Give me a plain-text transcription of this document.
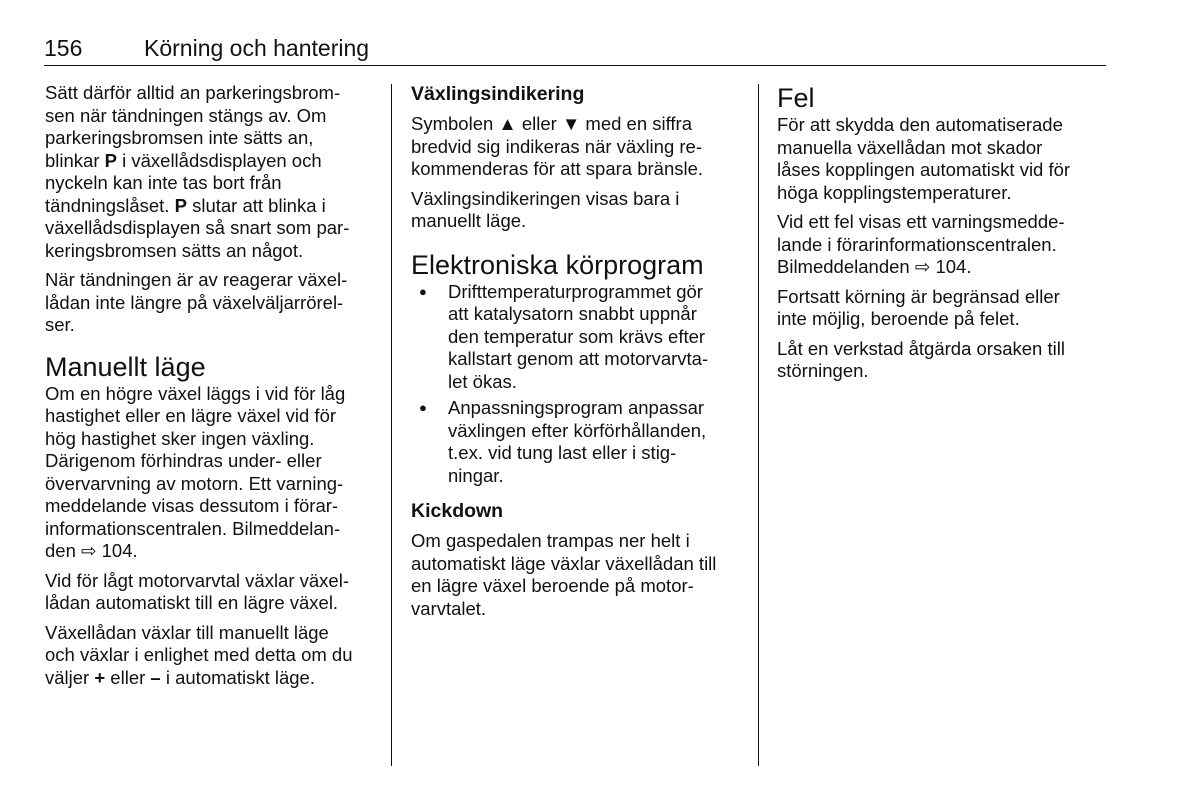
156	Körning och hantering

Sätt därför alltid an parkeringsbrom-
sen när tändningen stängs av. Om
parkeringsbromsen inte sätts an,
blinkar P i växellådsdisplayen och
nyckeln kan inte tas bort från
tändningslåset. P slutar att blinka i
växellådsdisplayen så snart som par-
keringsbromsen sätts an något.

När tändningen är av reagerar växel-
lådan inte längre på växelväljarrörel-
ser.

Manuellt läge

Om en högre växel läggs i vid för låg
hastighet eller en lägre växel vid för
hög hastighet sker ingen växling.
Därigenom förhindras under- eller
övervarvning av motorn. Ett varning-
meddelande visas dessutom i förar-
informationscentralen. Bilmeddelan-
den ⇨ 104.

Vid för lågt motorvarvtal växlar växel-
lådan automatiskt till en lägre växel.

Växellådan växlar till manuellt läge
och växlar i enlighet med detta om du
väljer + eller – i automatiskt läge.

Växlingsindikering

Symbolen ▲ eller ▼ med en siffra
bredvid sig indikeras när växling re-
kommenderas för att spara bränsle.

Växlingsindikeringen visas bara i
manuellt läge.

Elektroniska körprogram
● Drifttemperaturprogrammet gör
att katalysatorn snabbt uppnår
den temperatur som krävs efter
kallstart genom att motorvarvta-
let ökas.
● Anpassningsprogram anpassar
växlingen efter körförhållanden,
t.ex. vid tung last eller i stig-
ningar.
Kickdown

Om gaspedalen trampas ner helt i
automatiskt läge växlar växellådan till
en lägre växel beroende på motor-
varvtalet.

Fel

För att skydda den automatiserade
manuella växellådan mot skador
låses kopplingen automatiskt vid för
höga kopplingstemperaturer.

Vid ett fel visas ett varningsmedde-
lande i förarinformationscentralen.
Bilmeddelanden ⇨ 104.

Fortsatt körning är begränsad eller
inte möjlig, beroende på felet.

Låt en verkstad åtgärda orsaken till
störningen.
